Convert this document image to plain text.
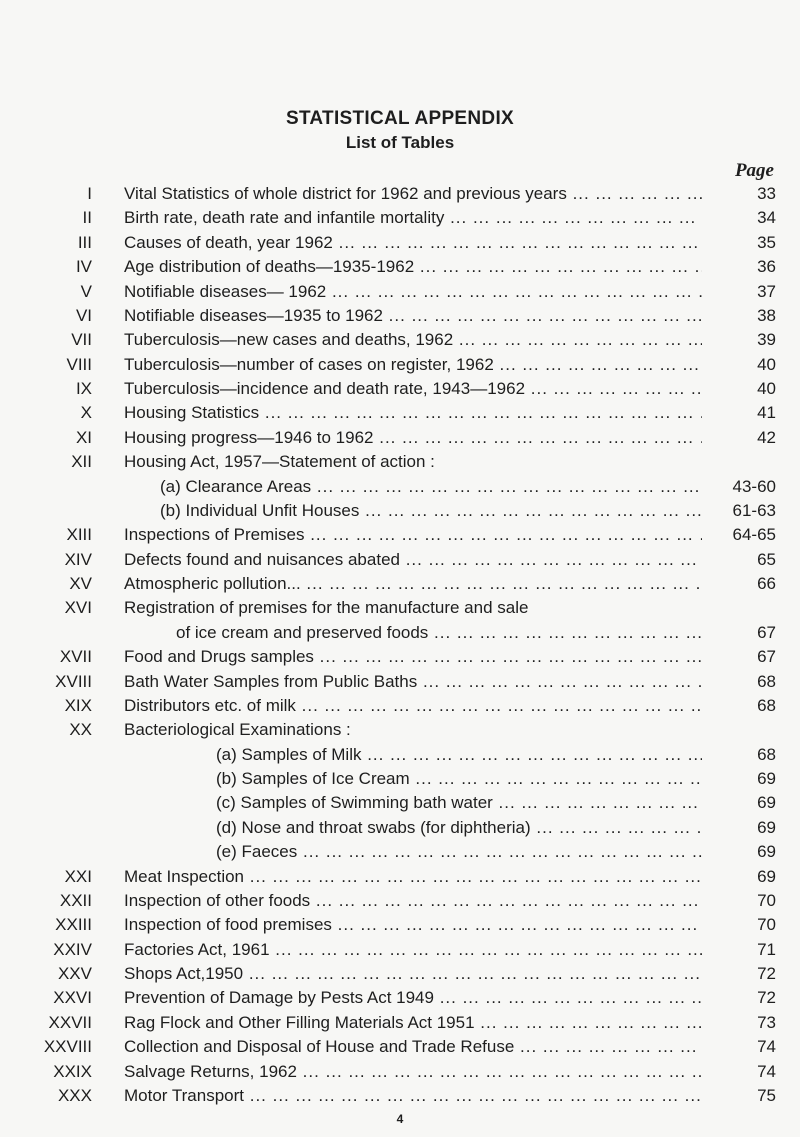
STATISTICAL APPENDIX
List of Tables
Page
I Vital Statistics of whole district for 1962 and previous years ... .	33
II Birth rate, death rate and infantile mortality ... .	34
III Causes of death, year 1962 ... .	35
IV Age distribution of deaths—1935-1962 ... .	36
V Notifiable diseases— 1962 ... .	37
VI Notifiable diseases—1935 to 1962 ... .	38
VII Tuberculosis—new cases and deaths, 1962 ... .	39
VIII Tuberculosis—number of cases on register, 1962 ... .	40
IX Tuberculosis—incidence and death rate, 1943—1962 ... .	40
X Housing Statistics ... .	41
XI Housing progress—1946 to 1962 ... .	42
XII Housing Act, 1957—Statement of action :
(a) Clearance Areas ... .	43-60
(b) Individual Unfit Houses ... .	61-63
XIII Inspections of Premises ... .	64-65
XIV Defects found and nuisances abated ... .	65
XV Atmospheric pollution... ... .	66
XVI Registration of premises for the manufacture and sale
of ice cream and preserved foods ... .	67
XVII Food and Drugs samples ... .	67
XVIII Bath Water Samples from Public Baths ... .	68
XIX Distributors etc. of milk ... .	68
XX Bacteriological Examinations :
(a) Samples of Milk ... .	68
(b) Samples of Ice Cream ... .	69
(c) Samples of Swimming bath water ... .	69
(d) Nose and throat swabs (for diphtheria) ... .	69
(e) Faeces ... .	69
XXI Meat Inspection ... .	69
XXII Inspection of other foods ... .	70
XXIII Inspection of food premises ... .	70
XXIV Factories Act, 1961 ... .	71
XXV Shops Act,1950 ... .	72
XXVI Prevention of Damage by Pests Act 1949 ... .	72
XXVII Rag Flock and Other Filling Materials Act 1951 ... .	73
XXVIII Collection and Disposal of House and Trade Refuse ... .	74
XXIX Salvage Returns, 1962 ... .	74
XXX Motor Transport ... .	75
4
